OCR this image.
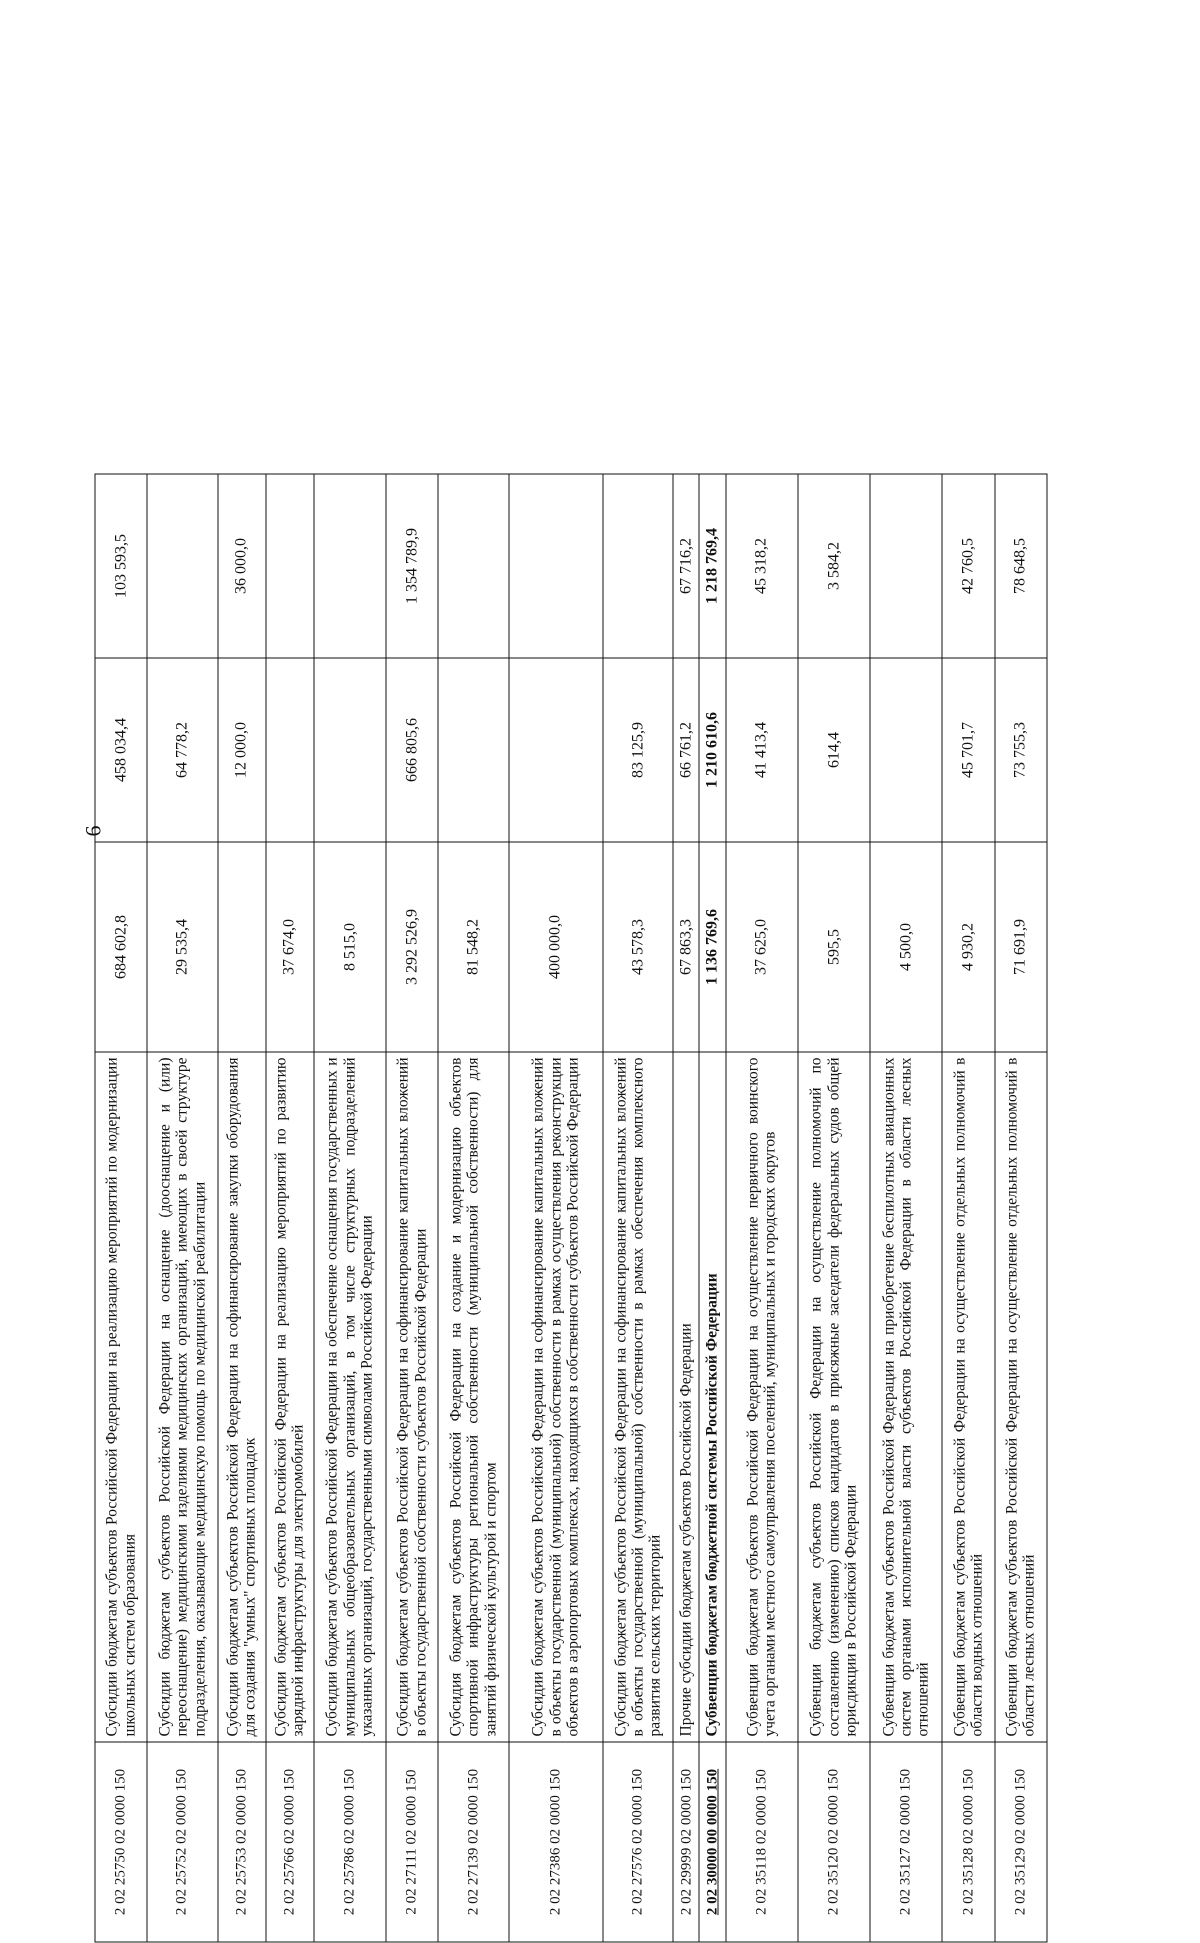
6
2 02 25750 02 0000 150	Субсидии бюджетам субъектов Российской Федерации на реализацию мероприятий по модернизации школьных систем образования	684 602,8	458 034,4	103 593,5
2 02 25752 02 0000 150	Субсидии бюджетам субъектов Российской Федерации на оснащение (дооснащение и (или) переоснащение) медицинскими изделиями медицинских организаций, имеющих в своей структуре подразделения, оказывающие медицинскую помощь по медицинской реабилитации	29 535,4	64 778,2	
2 02 25753 02 0000 150	Субсидии бюджетам субъектов Российской Федерации на софинансирование закупки оборудования для создания "умных" спортивных площадок		12 000,0	36 000,0
2 02 25766 02 0000 150	Субсидии бюджетам субъектов Российской Федерации на реализацию мероприятий по развитию зарядной инфраструктуры для электромобилей	37 674,0		
2 02 25786 02 0000 150	Субсидии бюджетам субъектов Российской Федерации на обеспечение оснащения государственных и муниципальных общеобразовательных организаций, в том числе структурных подразделений указанных организаций, государственными символами Российской Федерации	8 515,0		
2 02 27111 02 0000 150	Субсидии бюджетам субъектов Российской Федерации на софинансирование капитальных вложений в объекты государственной собственности субъектов Российской Федерации	3 292 526,9	666 805,6	1 354 789,9
2 02 27139 02 0000 150	Субсидия бюджетам субъектов Российской Федерации на создание и модернизацию объектов спортивной инфраструктуры региональной собственности (муниципальной собственности) для занятий физической культурой и спортом	81 548,2		
2 02 27386 02 0000 150	Субсидии бюджетам субъектов Российской Федерации на софинансирование капитальных вложений в объекты государственной (муниципальной) собственности в рамках осуществления реконструкции объектов в аэропортовых комплексах, находящихся в собственности субъектов Российской Федерации	400 000,0		
2 02 27576 02 0000 150	Субсидии бюджетам субъектов Российской Федерации на софинансирование капитальных вложений в объекты государственной (муниципальной) собственности в рамках обеспечения комплексного развития сельских территорий	43 578,3	83 125,9	
2 02 29999 02 0000 150	Прочие субсидии бюджетам субъектов Российской Федерации	67 863,3	66 761,2	67 716,2
2 02 30000 00 0000 150	Субвенции бюджетам бюджетной системы Российской Федерации	1 136 769,6	1 210 610,6	1 218 769,4
2 02 35118 02 0000 150	Субвенции бюджетам субъектов Российской Федерации на осуществление первичного воинского учета органами местного самоуправления поселений, муниципальных и городских округов	37 625,0	41 413,4	45 318,2
2 02 35120 02 0000 150	Субвенции бюджетам субъектов Российской Федерации на осуществление полномочий по составлению (изменению) списков кандидатов в присяжные заседатели федеральных судов общей юрисдикции в Российской Федерации	595,5	614,4	3 584,2
2 02 35127 02 0000 150	Субвенции бюджетам субъектов Российской Федерации на приобретение беспилотных авиационных систем органами исполнительной власти субъектов Российской Федерации в области лесных отношений	4 500,0		
2 02 35128 02 0000 150	Субвенции бюджетам субъектов Российской Федерации на осуществление отдельных полномочий в области водных отношений	4 930,2	45 701,7	42 760,5
2 02 35129 02 0000 150	Субвенции бюджетам субъектов Российской Федерации на осуществление отдельных полномочий в области лесных отношений	71 691,9	73 755,3	78 648,5
